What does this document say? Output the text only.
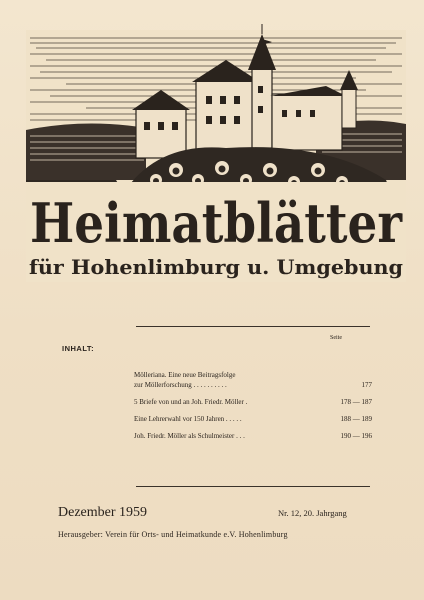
Heimatblätter
für Hohenlimburg u. Umgebung
Seite
INHALT:
Mölleriana. Eine neue Beitragsfolge
zur Möllerforschung . . . . . . . . . .	177
5 Briefe von und an Joh. Friedr. Möller .	178 — 187
Eine Lehrerwahl vor 150 Jahren . . . . .	188 — 189
Joh. Friedr. Möller als Schulmeister . . .	190 — 196
Dezember 1959	Nr. 12, 20. Jahrgang
Herausgeber: Verein für Orts- und Heimatkunde e.V. Hohenlimburg
